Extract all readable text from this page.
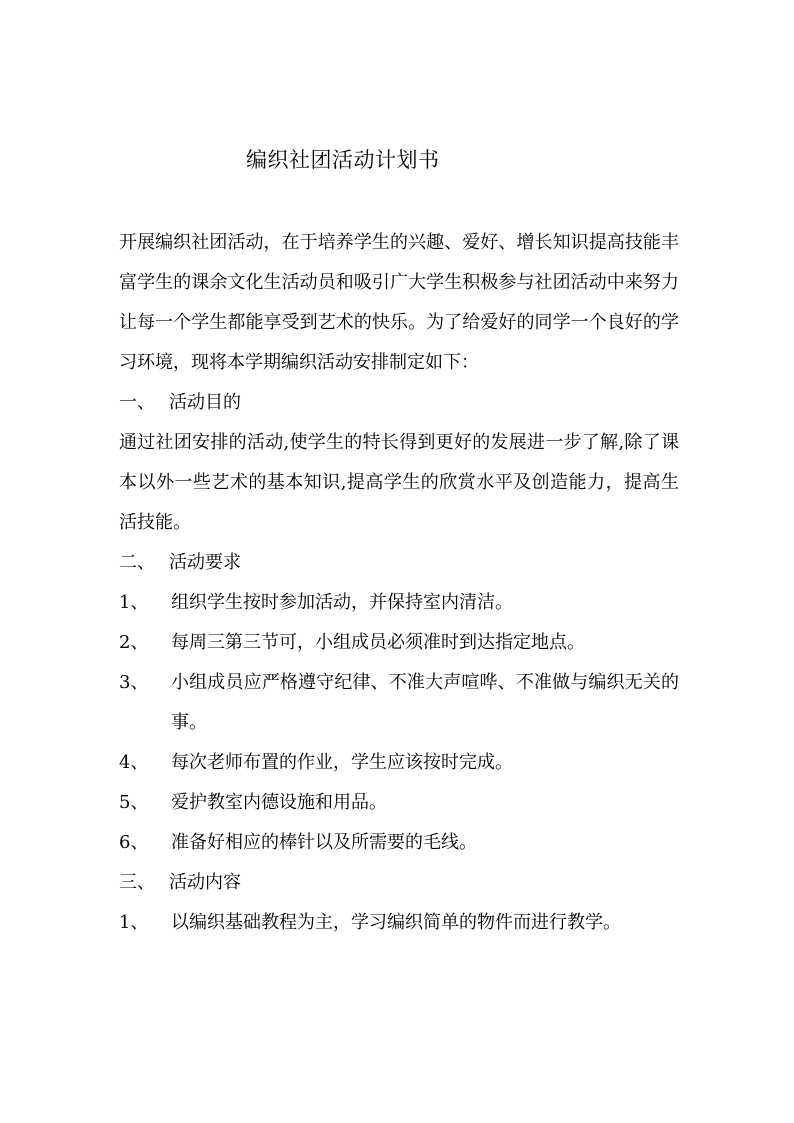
编织社团活动计划书

开展编织社团活动，在于培养学生的兴趣、爱好、增长知识提高技能丰富学生的课余文化生活动员和吸引广大学生积极参与社团活动中来努力让每一个学生都能享受到艺术的快乐。为了给爱好的同学一个良好的学习环境，现将本学期编织活动安排制定如下：

一、 活动目的

通过社团安排的活动,使学生的特长得到更好的发展进一步了解,除了课本以外一些艺术的基本知识,提高学生的欣赏水平及创造能力，提高生活技能。

二、 活动要求
1、	组织学生按时参加活动，并保持室内清洁。
2、	每周三第三节可，小组成员必须准时到达指定地点。
3、	小组成员应严格遵守纪律、不准大声喧哗、不准做与编织无关的事。
4、	每次老师布置的作业，学生应该按时完成。
5、	爱护教室内德设施和用品。
6、	准备好相应的棒针以及所需要的毛线。
三、 活动内容
1、	以编织基础教程为主，学习编织简单的物件而进行教学。
